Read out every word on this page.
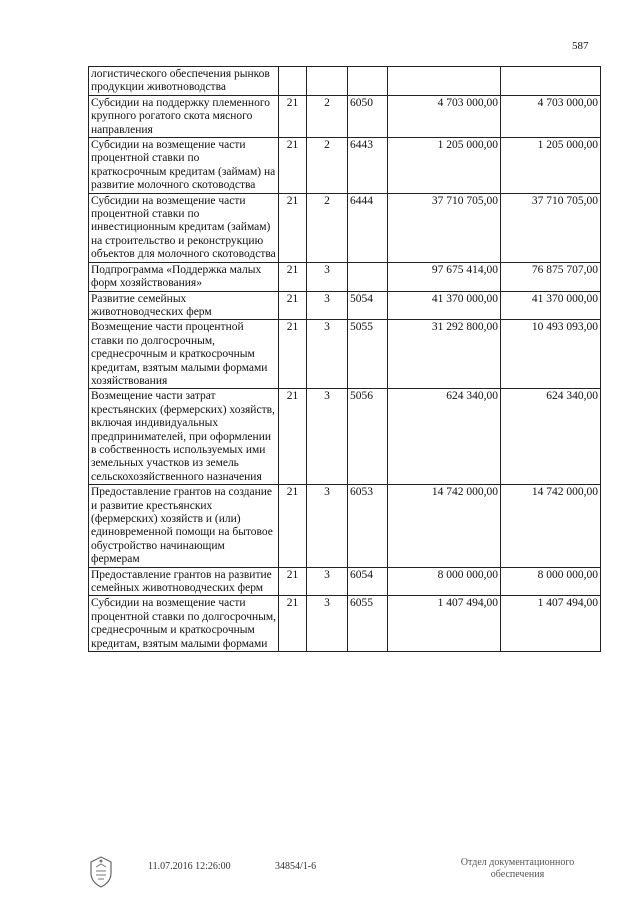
587
логистического обеспечения рынков продукции животноводства					
Субсидии на поддержку племенного крупного рогатого скота мясного направления	21	2	6050	4 703 000,00	4 703 000,00
Субсидии на возмещение части процентной ставки по краткосрочным кредитам (займам) на развитие молочного скотоводства	21	2	6443	1 205 000,00	1 205 000,00
Субсидии на возмещение части процентной ставки по инвестиционным кредитам (займам) на строительство и реконструкцию объектов для молочного скотоводства	21	2	6444	37 710 705,00	37 710 705,00
Подпрограмма «Поддержка малых форм хозяйствования»	21	3		97 675 414,00	76 875 707,00
Развитие семейных животноводческих ферм	21	3	5054	41 370 000,00	41 370 000,00
Возмещение части процентной ставки по долгосрочным, среднесрочным и краткосрочным кредитам, взятым малыми формами хозяйствования	21	3	5055	31 292 800,00	10 493 093,00
Возмещение части затрат крестьянских (фермерских) хозяйств, включая индивидуальных предпринимателей, при оформлении в собственность используемых ими земельных участков из земель сельскохозяйственного назначения	21	3	5056	624 340,00	624 340,00
Предоставление грантов на создание и развитие крестьянских (фермерских) хозяйств и (или) единовременной помощи на бытовое обустройство начинающим фермерам	21	3	6053	14 742 000,00	14 742 000,00
Предоставление грантов на развитие семейных животноводческих ферм	21	3	6054	8 000 000,00	8 000 000,00
Субсидии на возмещение части процентной ставки по долгосрочным, среднесрочным и краткосрочным кредитам, взятым малыми формами	21	3	6055	1 407 494,00	1 407 494,00
11.07.2016 12:26:00	34854/1-6	Отдел документационного
обеспечения
